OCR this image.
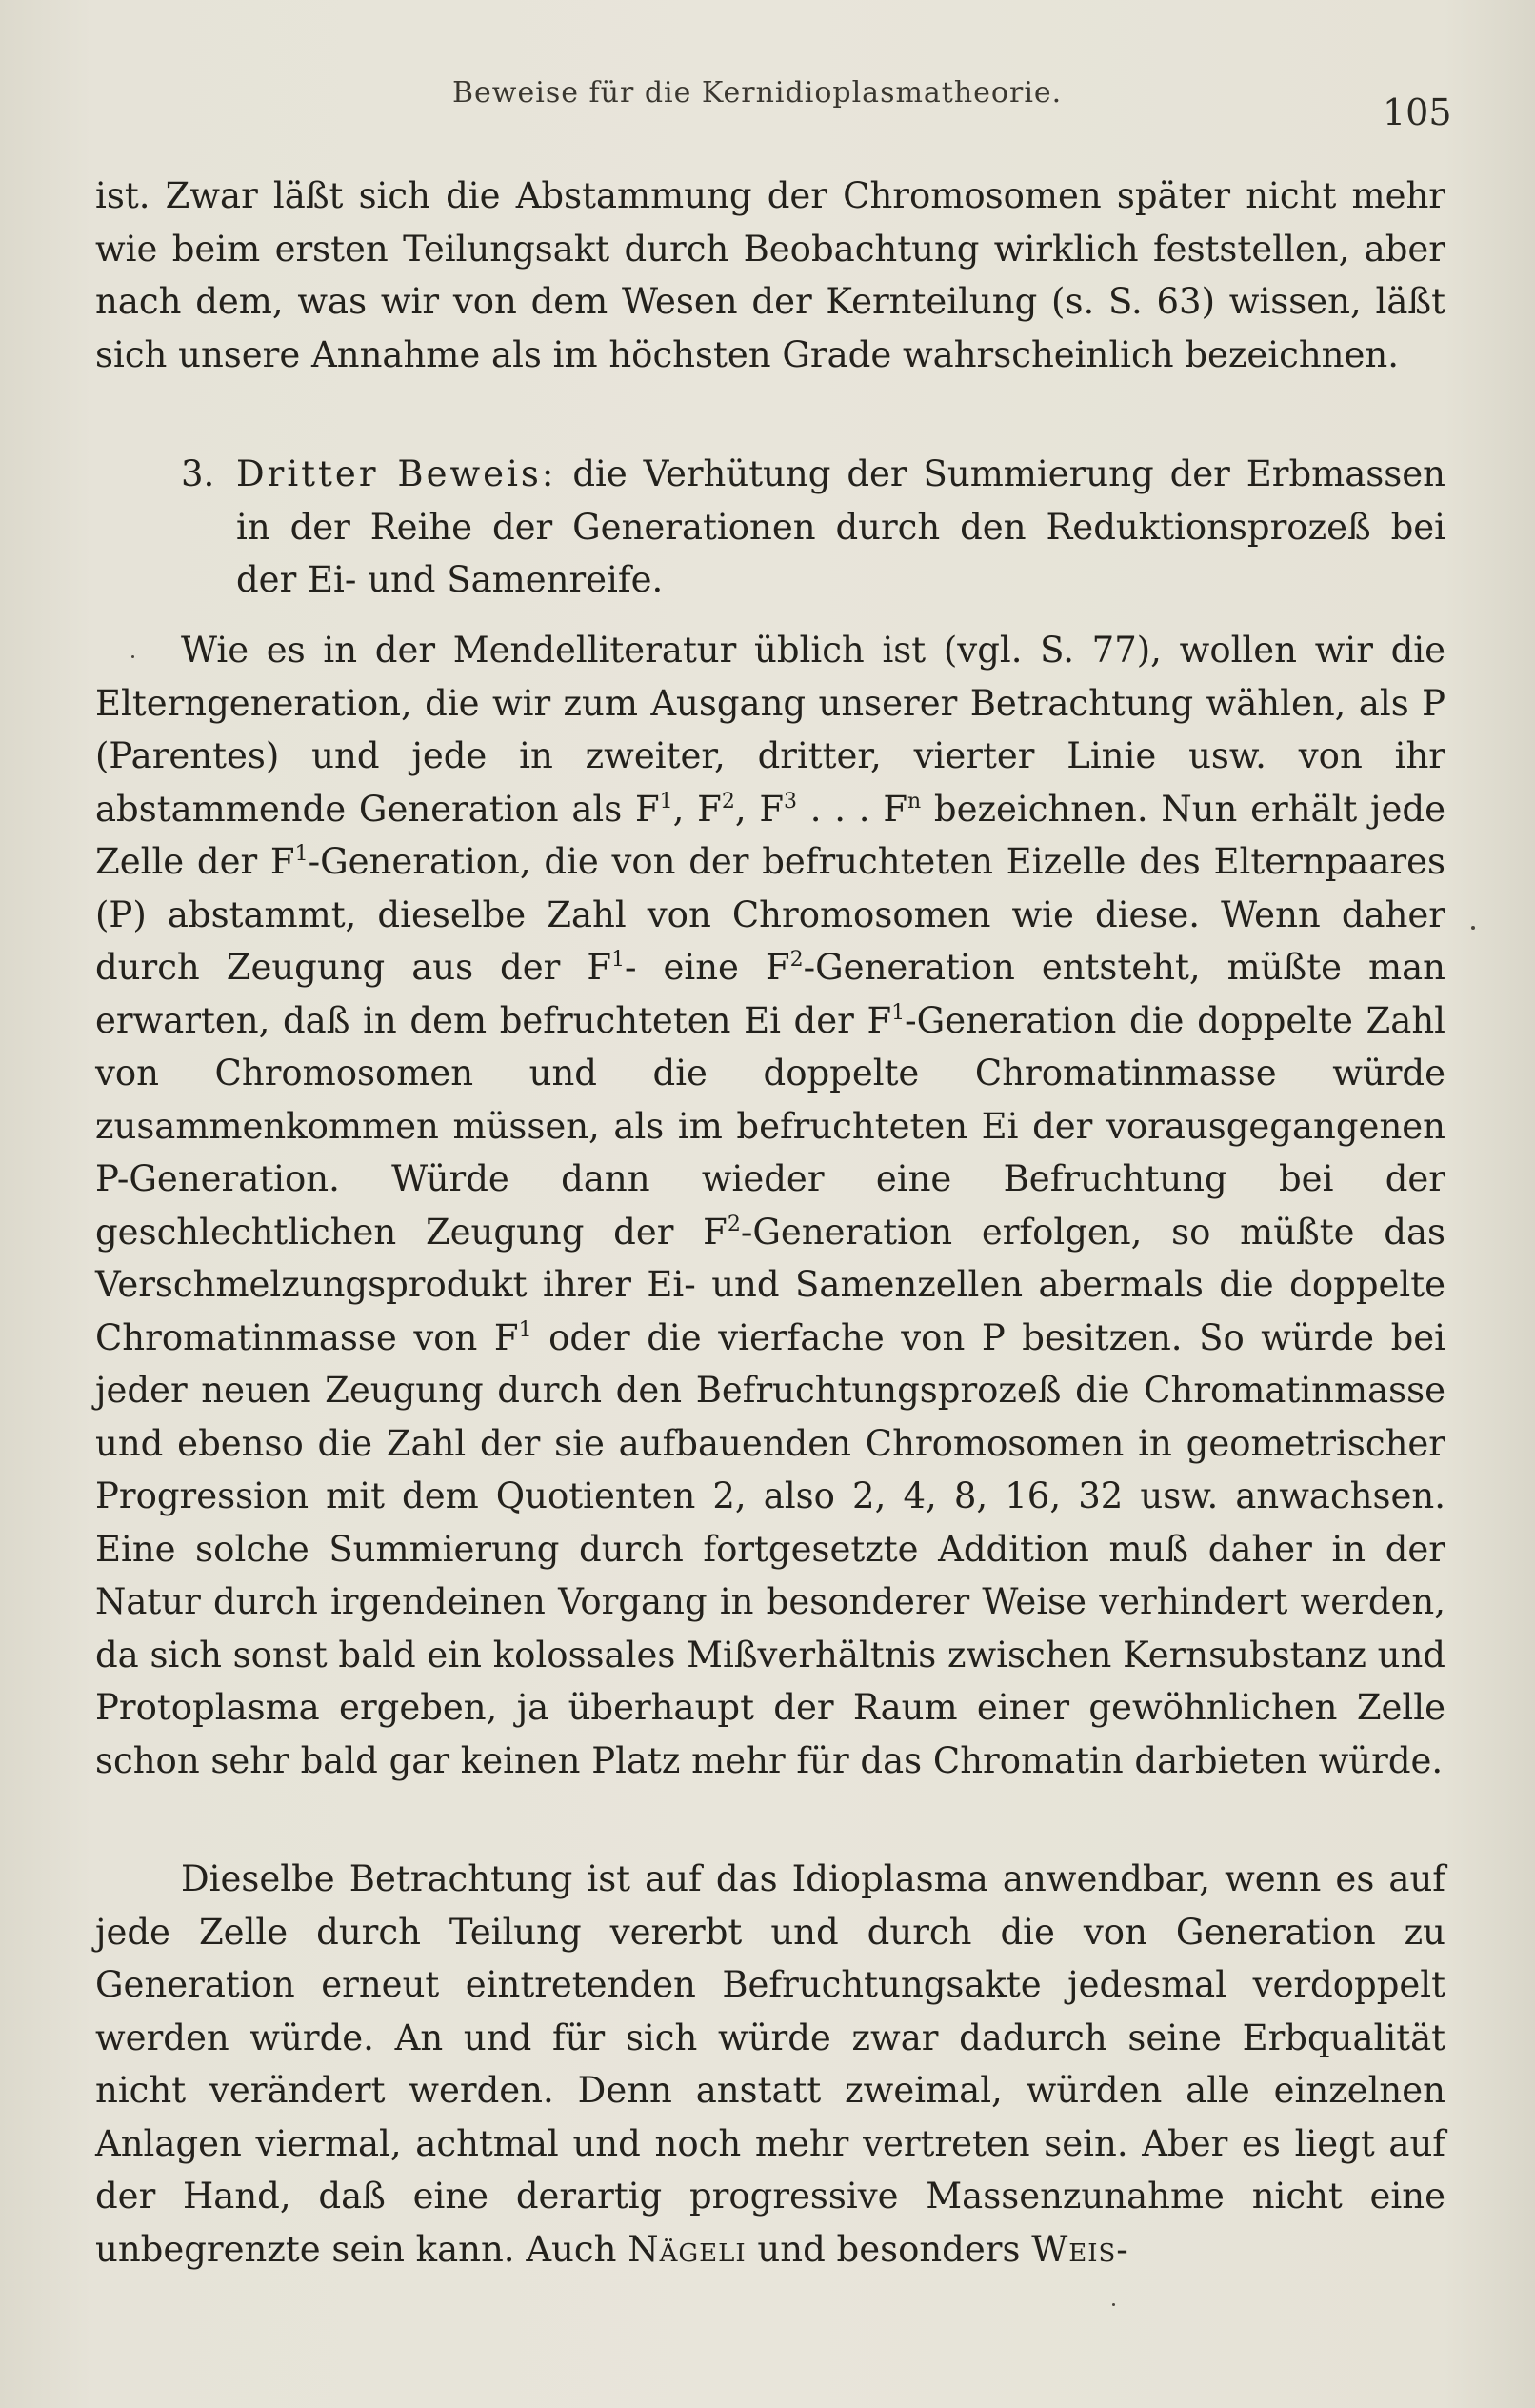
Beweise für die Kernidioplasmatheorie.	105

ist. Zwar läßt sich die Abstammung der Chromosomen später nicht mehr wie beim ersten Teilungsakt durch Beobachtung wirklich feststellen, aber nach dem, was wir von dem Wesen der Kernteilung (s. S. 63) wissen, läßt sich unsere Annahme als im höchsten Grade wahrscheinlich bezeichnen.

3. Dritter Beweis: die Verhütung der Summierung der Erbmassen in der Reihe der Generationen durch den Reduktionsprozeß bei der Ei- und Samenreife.

Wie es in der Mendelliteratur üblich ist (vgl. S. 77), wollen wir die Elterngeneration, die wir zum Ausgang unserer Betrachtung wählen, als P (Parentes) und jede in zweiter, dritter, vierter Linie usw. von ihr abstammende Generation als $F^1$, $F^2$, $F^3$ . . . $F^n$ bezeichnen. Nun erhält jede Zelle der $F^1$-Generation, die von der befruchteten Eizelle des Elternpaares (P) abstammt, dieselbe Zahl von Chromosomen wie diese. Wenn daher durch Zeugung aus der $F^1-$ eine $F^2$-Generation entsteht, müßte man erwarten, daß in dem befruchteten Ei der $F^1$-Generation die doppelte Zahl von Chromosomen und die doppelte Chromatinmasse würde zusammenkommen müssen, als im befruchteten Ei der vorausgegangenen P-Generation. Würde dann wieder eine Befruchtung bei der geschlechtlichen Zeugung der $F^2$-Generation erfolgen, so müßte das Verschmelzungsprodukt ihrer Ei- und Samenzellen abermals die doppelte Chromatinmasse von $F^1$ oder die vierfache von P besitzen. So würde bei jeder neuen Zeugung durch den Befruchtungsprozeß die Chromatinmasse und ebenso die Zahl der sie aufbauenden Chromosomen in geometrischer Progression mit dem Quotienten 2, also 2, 4, 8, 16, 32 usw. anwachsen. Eine solche Summierung durch fortgesetzte Addition muß daher in der Natur durch irgendeinen Vorgang in besonderer Weise verhindert werden, da sich sonst bald ein kolossales Mißverhältnis zwischen Kernsubstanz und Protoplasma ergeben, ja überhaupt der Raum einer gewöhnlichen Zelle schon sehr bald gar keinen Platz mehr für das Chromatin darbieten würde.

Dieselbe Betrachtung ist auf das Idioplasma anwendbar, wenn es auf jede Zelle durch Teilung vererbt und durch die von Generation zu Generation erneut eintretenden Befruchtungsakte jedesmal verdoppelt werden würde. An und für sich würde zwar dadurch seine Erbqualität nicht verändert werden. Denn anstatt zweimal, würden alle einzelnen Anlagen viermal, achtmal und noch mehr vertreten sein. Aber es liegt auf der Hand, daß eine derartig progressive Massenzunahme nicht eine unbegrenzte sein kann. Auch Nägeli und besonders Weis-
